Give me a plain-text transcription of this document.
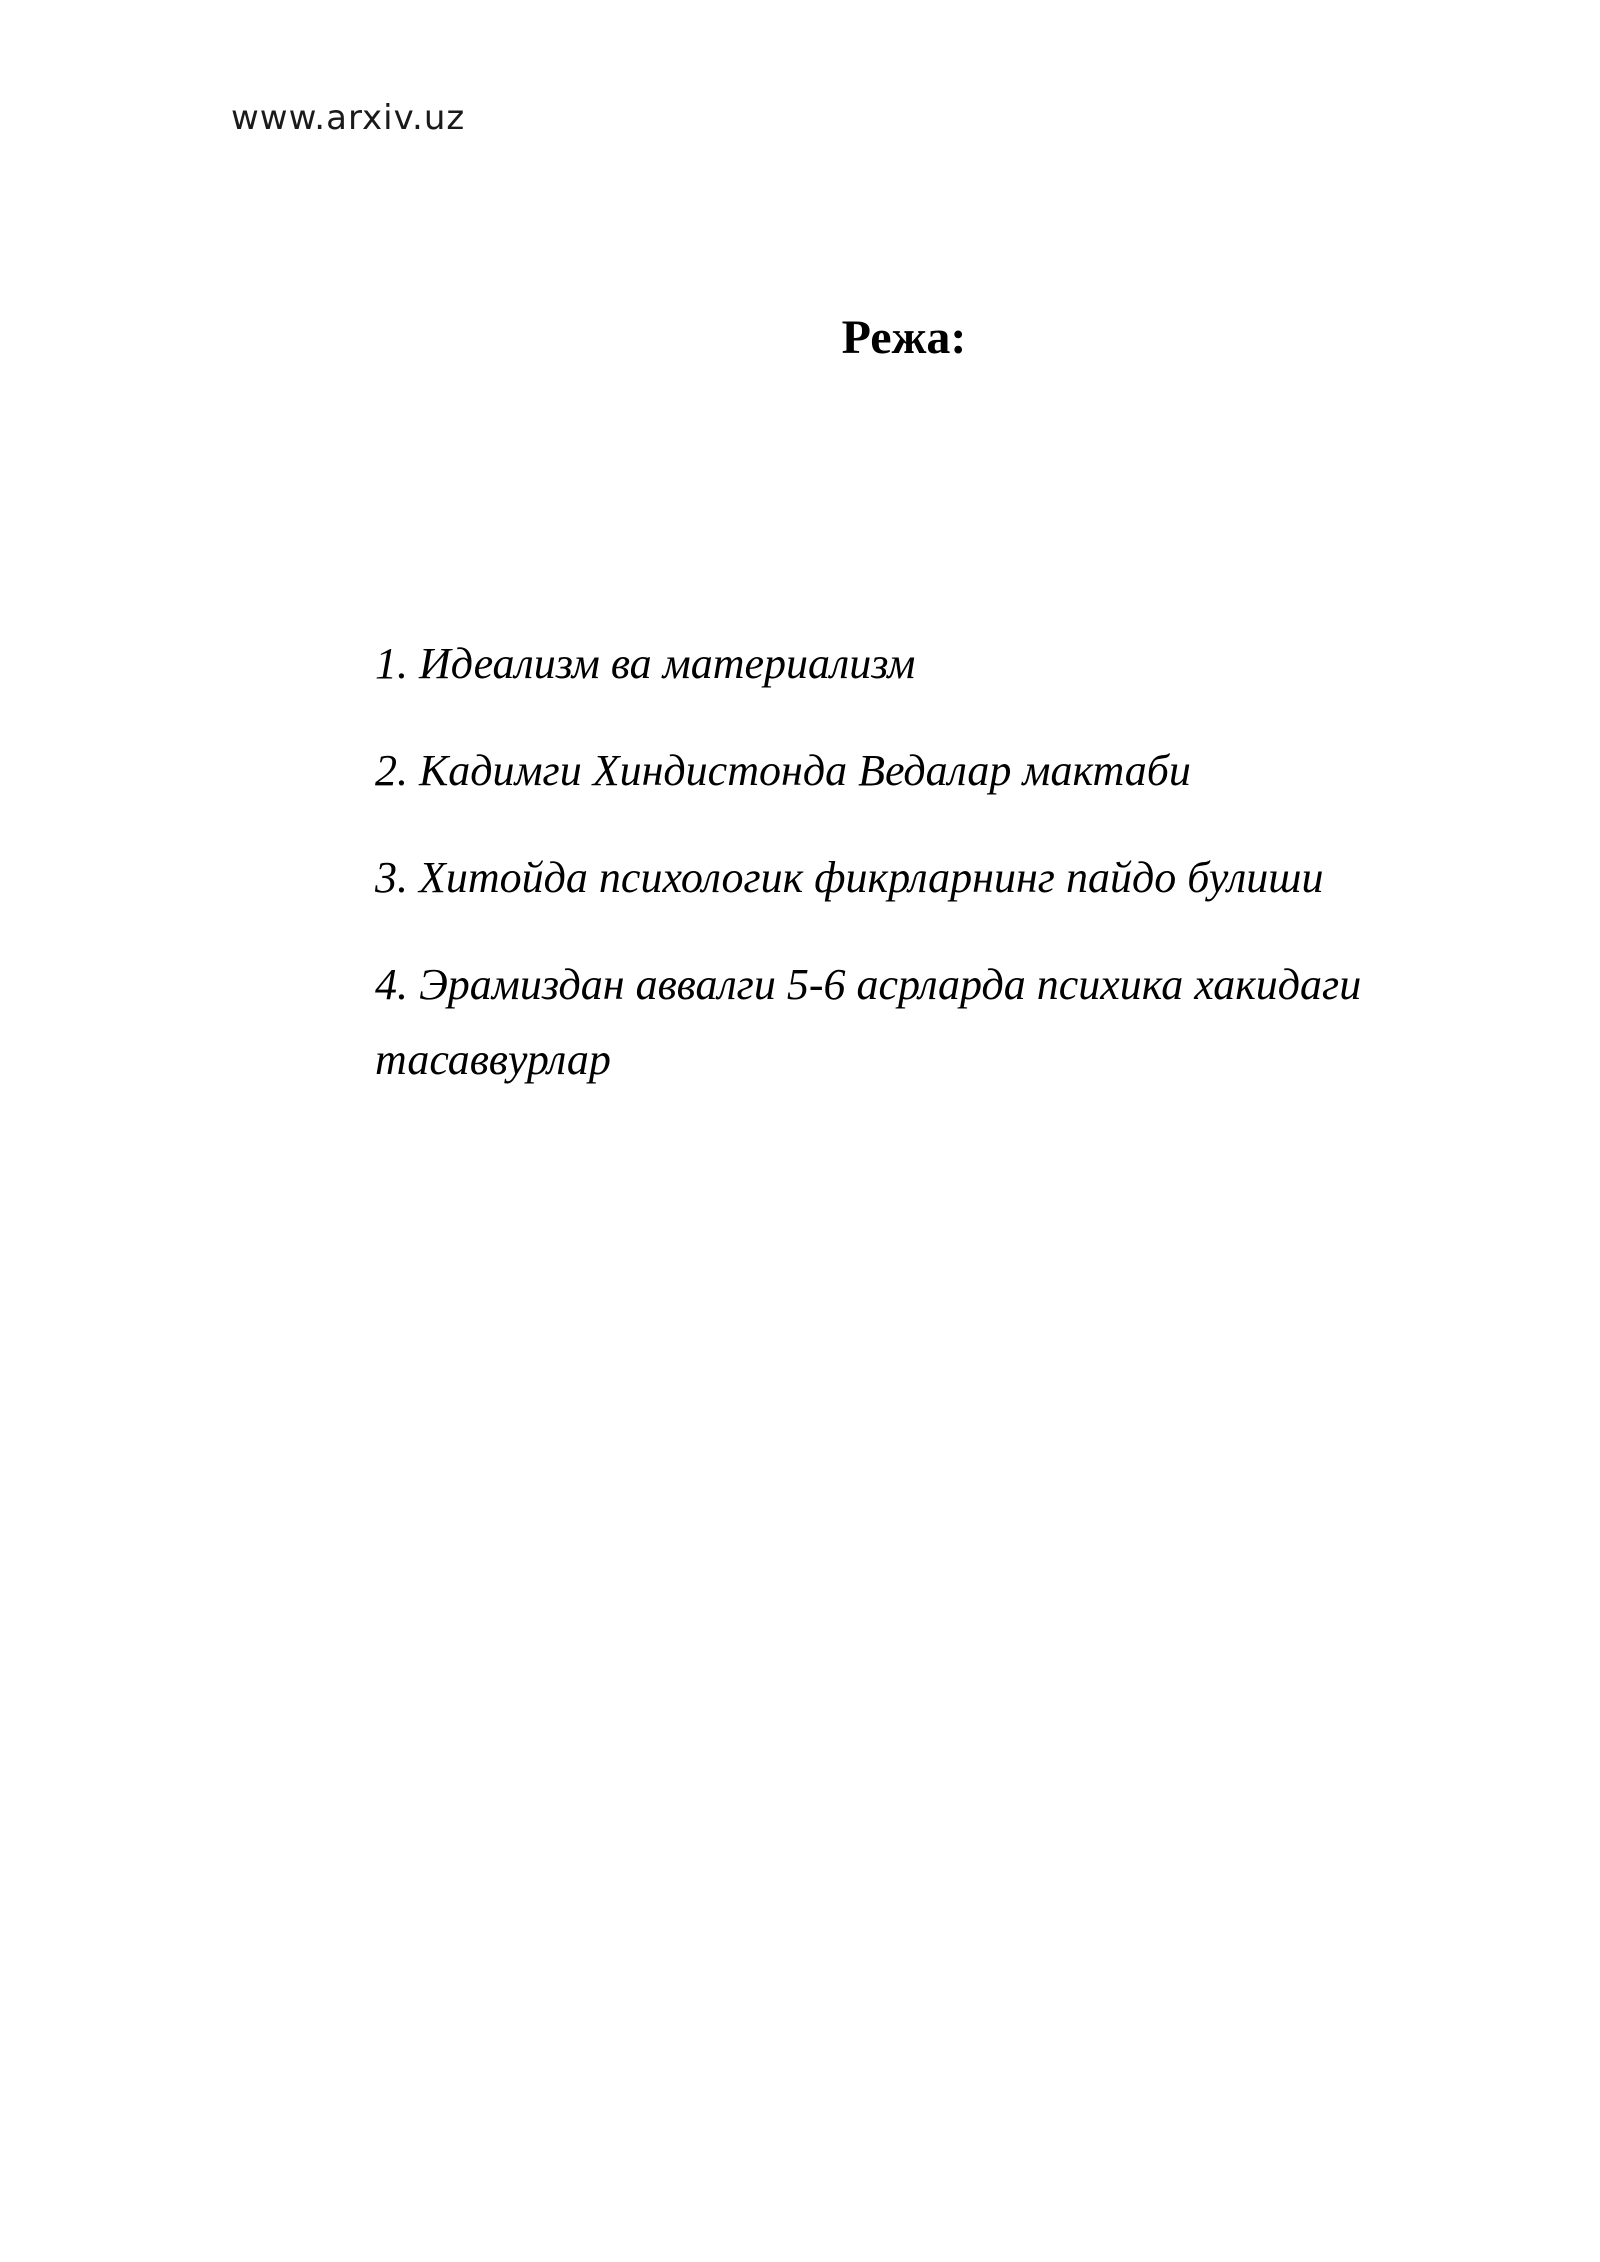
www.arxiv.uz
Режа:
1. Идеализм ва материализм
2. Кадимги Хиндистонда Ведалар мактаби
3. Хитойда психологик фикрларнинг пайдо булиши
4. Эрамиздан аввалги 5-6 асрларда психика хакидаги тасаввурлар
